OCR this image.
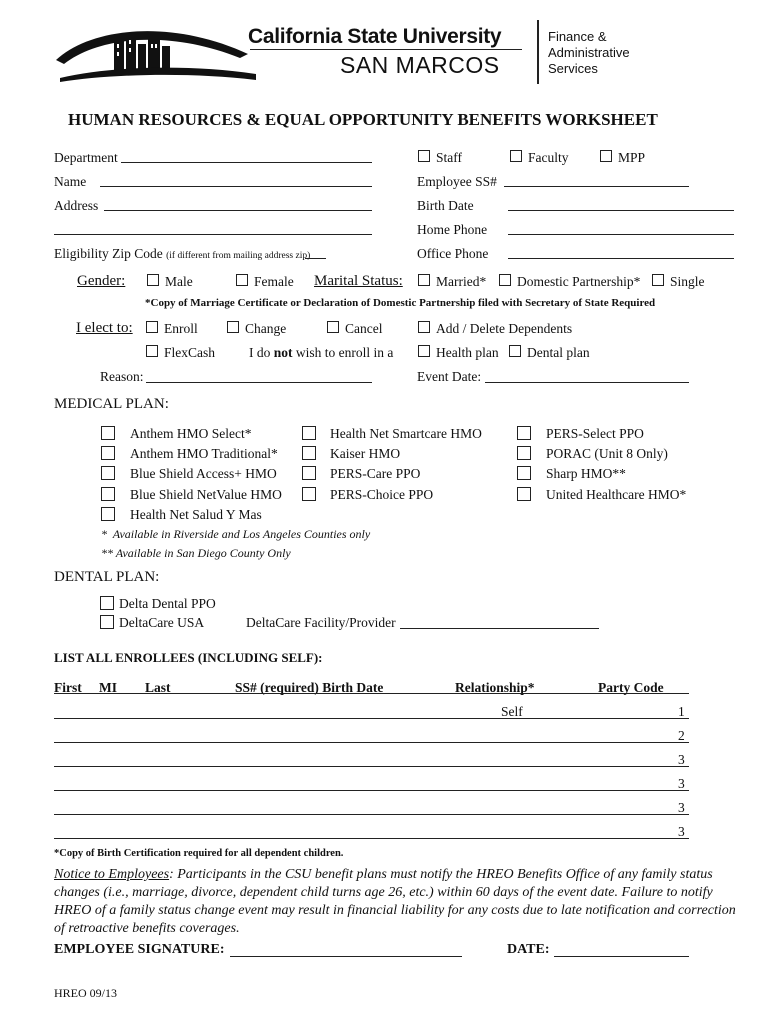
California State University
SAN MARCOS
Finance &
Administrative
Services
HUMAN RESOURCES & EQUAL OPPORTUNITY BENEFITS WORKSHEET
Department
Name
Address
Eligibility Zip Code (if different from mailing address zip)
Staff	Faculty	MPP
Employee SS#
Birth Date
Home Phone
Office Phone
Gender:	Male	Female Marital Status: Married* Domestic Partnership* Single
*Copy of Marriage Certificate or Declaration of Domestic Partnership filed with Secretary of State Required
I elect to: Enroll	Change	Cancel	Add / Delete Dependents
FlexCash	I do not wish to enroll in a	Health plan Dental plan
Reason:	Event Date:
MEDICAL PLAN:
Anthem HMO Select*
Anthem HMO Traditional*
Blue Shield Access+ HMO
Blue Shield NetValue HMO
Health Net Salud Y Mas
Health Net Smartcare HMO
Kaiser HMO
PERS-Care PPO
PERS-Choice PPO
PERS-Select PPO
PORAC (Unit 8 Only)
Sharp HMO**
United Healthcare HMO*
*  Available in Riverside and Los Angeles Counties only
** Available in San Diego County Only
DENTAL PLAN:
Delta Dental PPO
DeltaCare USA	DeltaCare Facility/Provider
LIST ALL ENROLLEES (INCLUDING SELF):
First MI Last	SS# (required) Birth Date	Relationship*	Party Code
Self	1
2
3
3
3
3
*Copy of Birth Certification required for all dependent children.
Notice to Employees: Participants in the CSU benefit plans must notify the HREO Benefits Office of any family status changes (i.e., marriage, divorce, dependent child turns age 26, etc.) within 60 days of the event date. Failure to notify HREO of a family status change event may result in financial liability for any costs due to late notification and correction of retroactive benefits coverages.
EMPLOYEE SIGNATURE:	DATE:
HREO 09/13
